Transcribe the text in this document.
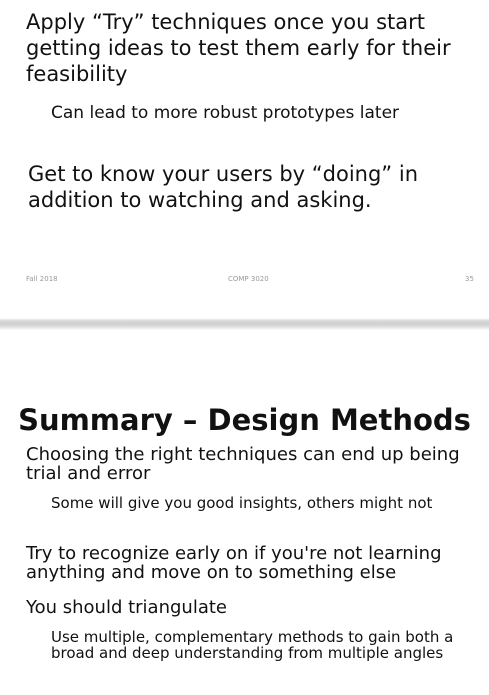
Apply “Try” techniques once you start getting ideas to test them early for their feasibility

Can lead to more robust prototypes later

Get to know your users by “doing” in addition to watching and asking.

Fall 2018	COMP 3020	35
Summary – Design Methods

Choosing the right techniques can end up being trial and error

Some will give you good insights, others might not

Try to recognize early on if you're not learning anything and move on to something else

You should triangulate

Use multiple, complementary methods to gain both a broad and deep understanding from multiple angles
